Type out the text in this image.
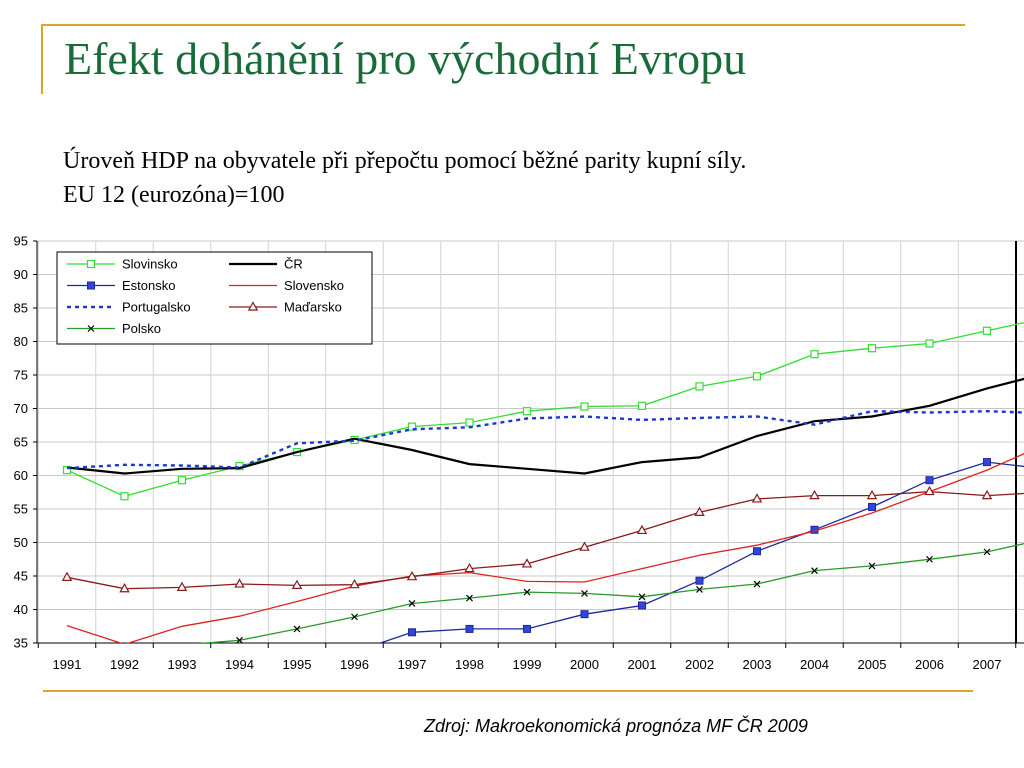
Efekt dohánění pro východní Evropu
Úroveň HDP na obyvatele při přepočtu pomocí běžné parity kupní síly.
EU 12 (eurozóna)=100
35
40
45
50
55
60
65
70
75
80
85
90
95
1991 1992 1993 1994 1995 1996 1997 1998 1999 2000 2001 2002 2003 2004 2005 2006 2007
Slovinsko	ČR
Estonsko	Slovensko
Portugalsko	Maďarsko
Polsko
Zdroj: Makroekonomická prognóza MF ČR 2009
